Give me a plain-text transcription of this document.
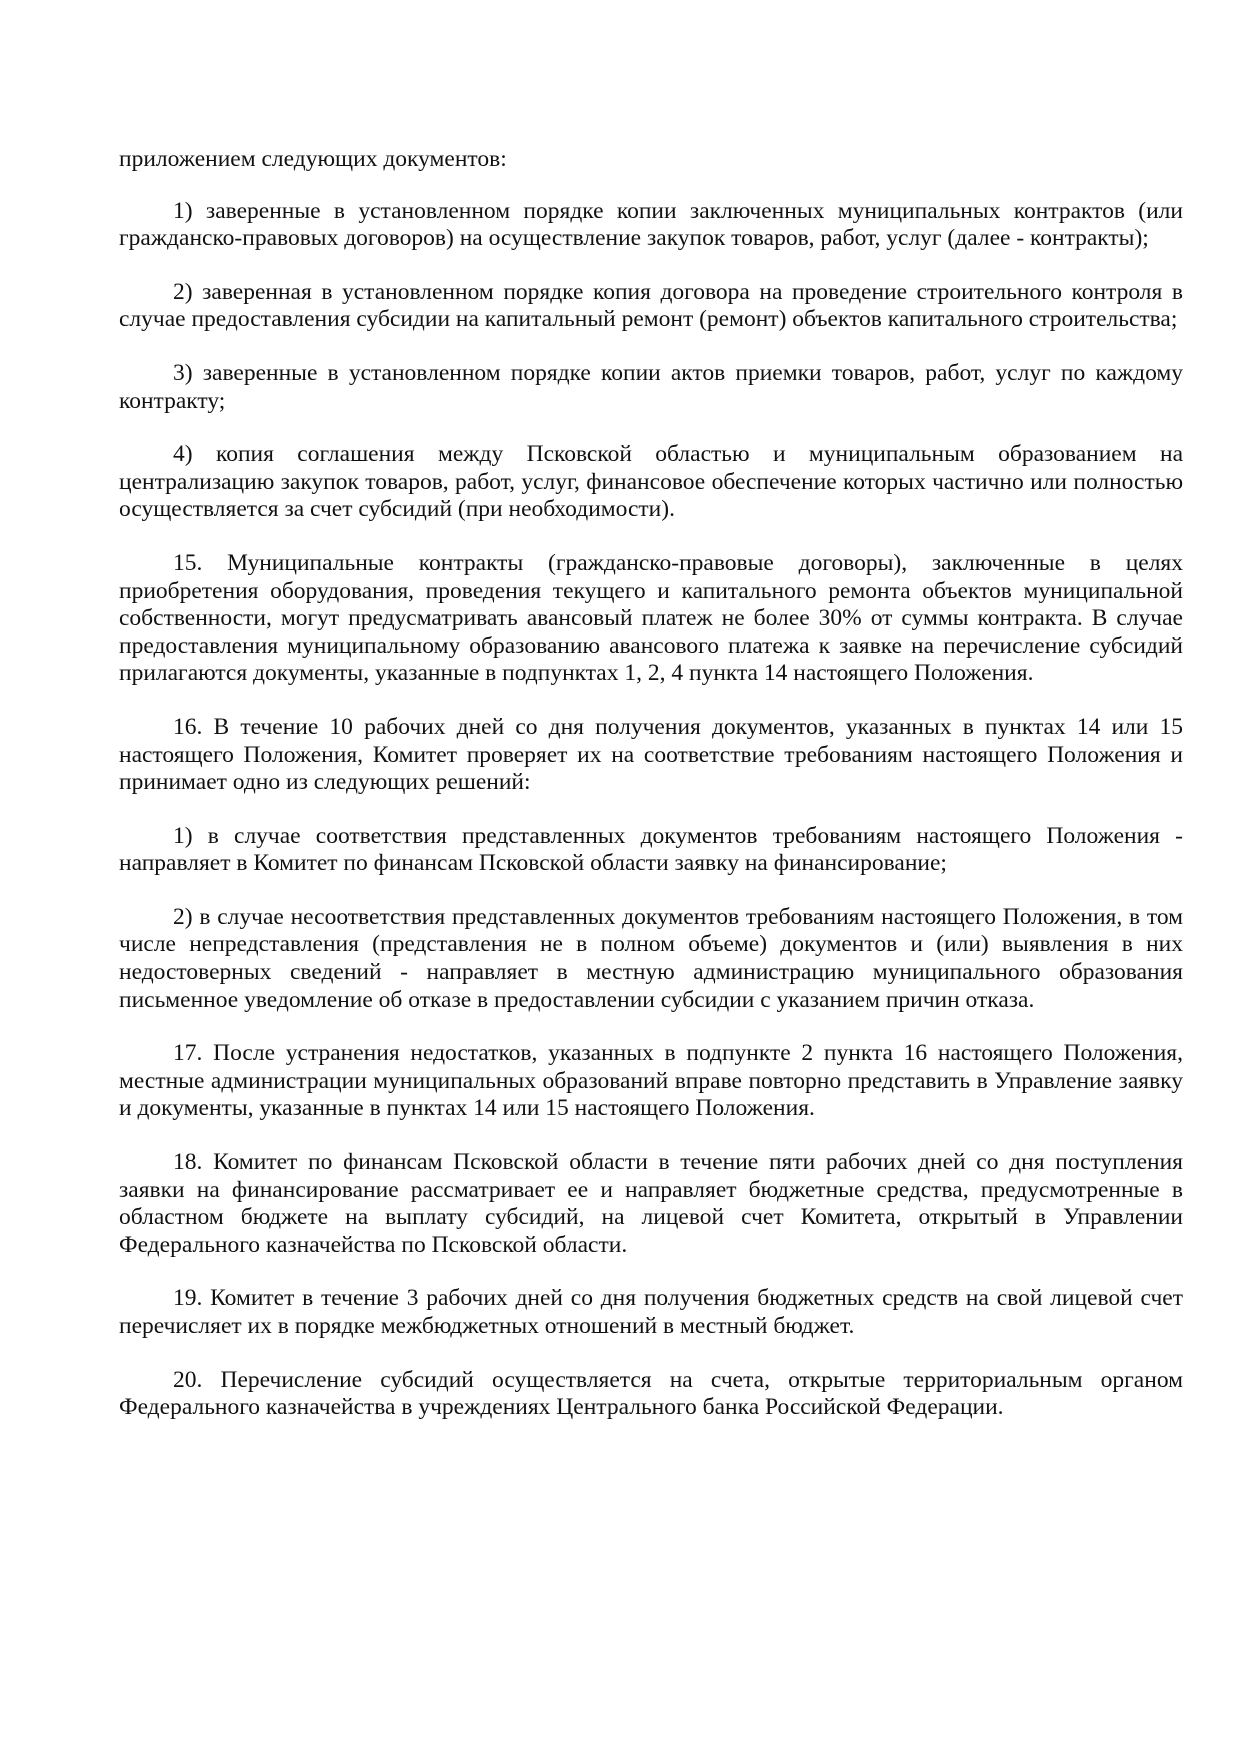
приложением следующих документов:

1) заверенные в установленном порядке копии заключенных муниципальных контрактов (или гражданско-правовых договоров) на осуществление закупок товаров, работ, услуг (далее - контракты);

2) заверенная в установленном порядке копия договора на проведение строительного контроля в случае предоставления субсидии на капитальный ремонт (ремонт) объектов капитального строительства;

3) заверенные в установленном порядке копии актов приемки товаров, работ, услуг по каждому контракту;

4) копия соглашения между Псковской областью и муниципальным образованием на централизацию закупок товаров, работ, услуг, финансовое обеспечение которых частично или полностью осуществляется за счет субсидий (при необходимости).

15. Муниципальные контракты (гражданско-правовые договоры), заключенные в целях приобретения оборудования, проведения текущего и капитального ремонта объектов муниципальной собственности, могут предусматривать авансовый платеж не более 30% от суммы контракта. В случае предоставления муниципальному образованию авансового платежа к заявке на перечисление субсидий прилагаются документы, указанные в подпунктах 1, 2, 4 пункта 14 настоящего Положения.

16. В течение 10 рабочих дней со дня получения документов, указанных в пунктах 14 или 15 настоящего Положения, Комитет проверяет их на соответствие требованиям настоящего Положения и принимает одно из следующих решений:

1) в случае соответствия представленных документов требованиям настоящего Положения - направляет в Комитет по финансам Псковской области заявку на финансирование;

2) в случае несоответствия представленных документов требованиям настоящего Положения, в том числе непредставления (представления не в полном объеме) документов и (или) выявления в них недостоверных сведений - направляет в местную администрацию муниципального образования письменное уведомление об отказе в предоставлении субсидии с указанием причин отказа.

17. После устранения недостатков, указанных в подпункте 2 пункта 16 настоящего Положения, местные администрации муниципальных образований вправе повторно представить в Управление заявку и документы, указанные в пунктах 14 или 15 настоящего Положения.

18. Комитет по финансам Псковской области в течение пяти рабочих дней со дня поступления заявки на финансирование рассматривает ее и направляет бюджетные средства, предусмотренные в областном бюджете на выплату субсидий, на лицевой счет Комитета, открытый в Управлении Федерального казначейства по Псковской области.

19. Комитет в течение 3 рабочих дней со дня получения бюджетных средств на свой лицевой счет перечисляет их в порядке межбюджетных отношений в местный бюджет.

20. Перечисление субсидий осуществляется на счета, открытые территориальным органом Федерального казначейства в учреждениях Центрального банка Российской Федерации.
